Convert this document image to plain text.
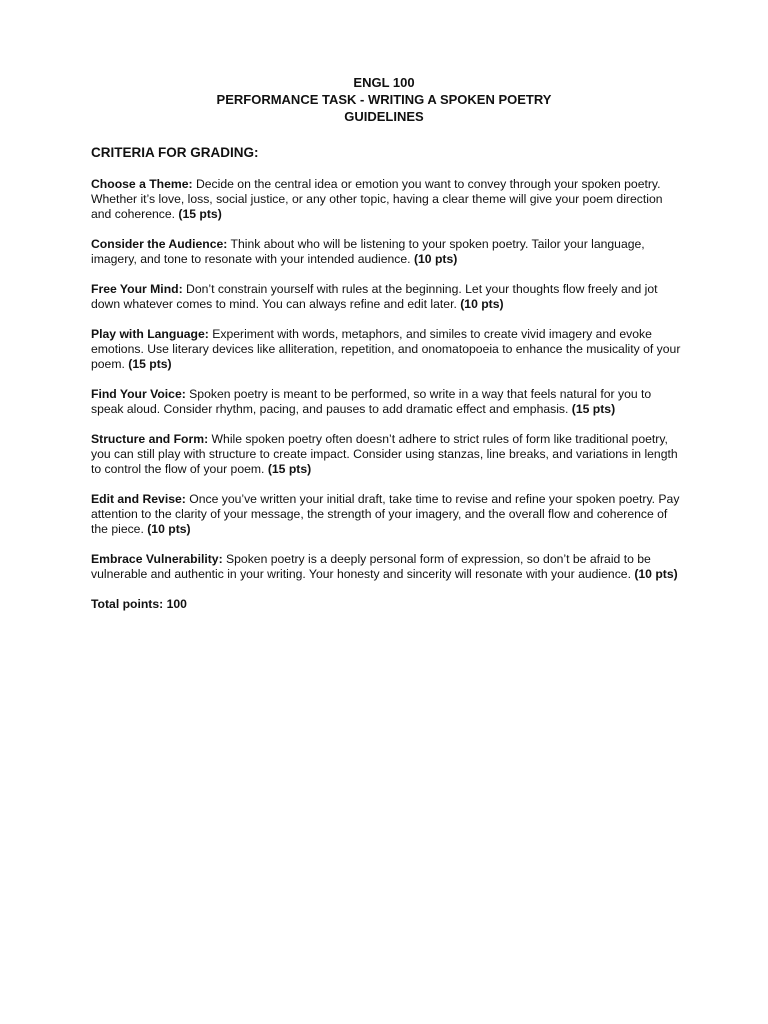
ENGL 100
PERFORMANCE TASK - WRITING A SPOKEN POETRY
GUIDELINES
CRITERIA FOR GRADING:

Choose a Theme: Decide on the central idea or emotion you want to convey through your spoken poetry. Whether it’s love, loss, social justice, or any other topic, having a clear theme will give your poem direction and coherence. (15 pts)

Consider the Audience: Think about who will be listening to your spoken poetry. Tailor your language, imagery, and tone to resonate with your intended audience. (10 pts)

Free Your Mind: Don’t constrain yourself with rules at the beginning. Let your thoughts flow freely and jot down whatever comes to mind. You can always refine and edit later. (10 pts)

Play with Language: Experiment with words, metaphors, and similes to create vivid imagery and evoke emotions. Use literary devices like alliteration, repetition, and onomatopoeia to enhance the musicality of your poem. (15 pts)

Find Your Voice: Spoken poetry is meant to be performed, so write in a way that feels natural for you to speak aloud. Consider rhythm, pacing, and pauses to add dramatic effect and emphasis. (15 pts)

Structure and Form: While spoken poetry often doesn’t adhere to strict rules of form like traditional poetry, you can still play with structure to create impact. Consider using stanzas, line breaks, and variations in length to control the flow of your poem. (15 pts)

Edit and Revise: Once you’ve written your initial draft, take time to revise and refine your spoken poetry. Pay attention to the clarity of your message, the strength of your imagery, and the overall flow and coherence of the piece. (10 pts)

Embrace Vulnerability: Spoken poetry is a deeply personal form of expression, so don’t be afraid to be vulnerable and authentic in your writing. Your honesty and sincerity will resonate with your audience. (10 pts)

Total points: 100
